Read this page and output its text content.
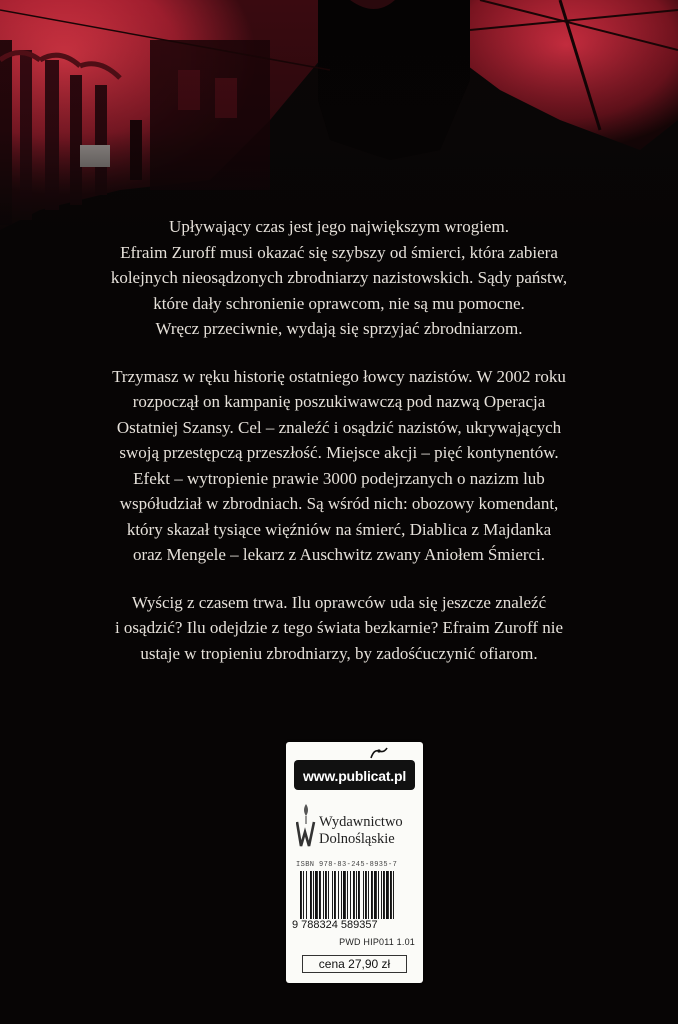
Upływający czas jest jego największym wrogiem.
Efraim Zuroff musi okazać się szybszy od śmierci, która zabiera
kolejnych nieosądzonych zbrodniarzy nazistowskich. Sądy państw,
które dały schronienie oprawcom, nie są mu pomocne.
Wręcz przeciwnie, wydają się sprzyjać zbrodniarzom.

Trzymasz w ręku historię ostatniego łowcy nazistów. W 2002 roku
rozpoczął on kampanię poszukiwawczą pod nazwą Operacja
Ostatniej Szansy. Cel – znaleźć i osądzić nazistów, ukrywających
swoją przestępczą przeszłość. Miejsce akcji – pięć kontynentów.
Efekt – wytropienie prawie 3000 podejrzanych o nazizm lub
współudział w zbrodniach. Są wśród nich: obozowy komendant,
który skazał tysiące więźniów na śmierć, Diablica z Majdanka
oraz Mengele – lekarz z Auschwitz zwany Aniołem Śmierci.

Wyścig z czasem trwa. Ilu oprawców uda się jeszcze znaleźć
i osądzić? Ilu odejdzie z tego świata bezkarnie? Efraim Zuroff nie
ustaje w tropieniu zbrodniarzy, by zadośćuczynić ofiarom.

www.publicat.pl
Wydawnictwo
Dolnośląskie
ISBN 978-83-245-8935-7
9 788324 589357
PWD HIP011 1.01
cena 27,90 zł
